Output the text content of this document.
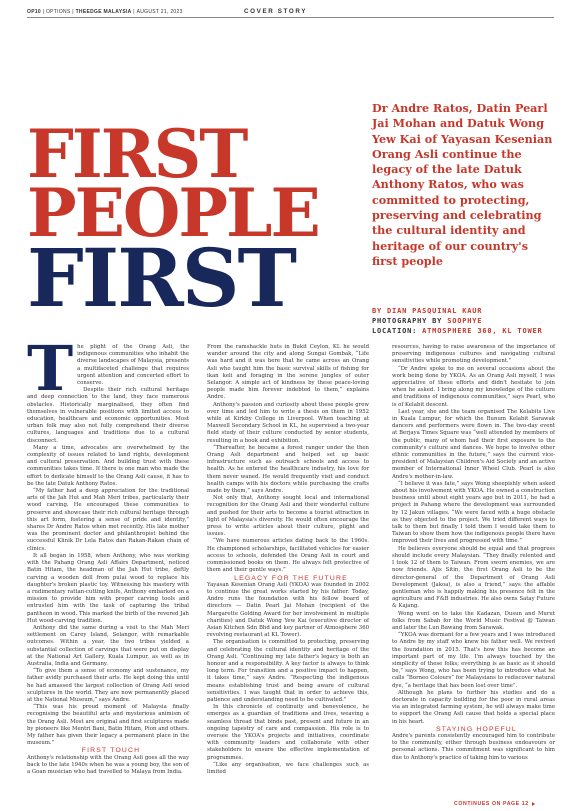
OP10 | OPTIONS | THEEDGE MALAYSIA | AUGUST 21, 2023	COVER STORY
FIRST
PEOPLE
FIRST
Dr Andre Ratos, Datin Pearl Jai Mohan and Datuk Wong Yew Kai of Yayasan Kesenian Orang Asli continue the legacy of the late Datuk Anthony Ratos, who was committed to protecting, preserving and celebrating the cultural identity and heritage of our country's first people
BY DIAN PASQUINAL KAUR
PHOTOGRAPHY BY SOOPHYE
LOCATION: ATMOSPHERE 360, KL TOWER
T he plight of the Orang Asli, the indigenous communities who inhabit the diverse landscapes of Malaysia, presents a multifaceted challenge that requires urgent attention and concerted effort to conserve.

Despite their rich cultural heritage and deep connection to the land, they face numerous obstacles. Historically marginalised, they often find themselves in vulnerable positions with limited access to education, healthcare and economic opportunities. Most urban folk may also not fully comprehend their diverse cultures, languages and traditions due to a cultural disconnect.

Many a time, advocates are overwhelmed by the complexity of issues related to land rights, development and cultural preservation. And building trust with these communities takes time. If there is one man who made the effort to dedicate himself to the Orang Asli cause, it has to be the late Datuk Anthony Ratos.

“My father had a deep appreciation for the traditional arts of the Jah Hut and Mah Meri tribes, particularly their wood carving. He encouraged these communities to preserve and showcase their rich cultural heritage through this art form, fostering a sense of pride and identity,” shares Dr Andre Ratos when met recently. His late mother was the prominent doctor and philanthropist behind the successful Klinik Dr Lela Ratos dan Rakan-Rakan chain of clinics.

It all began in 1958, when Anthony, who was working with the Pahang Orang Asli Affairs Department, noticed Batin Hitam, the headman of the Jah Hut tribe, deftly carving a wooden doll from pulai wood to replace his daughter's broken plastic toy. Witnessing his mastery with a rudimentary rattan-cutting knife, Anthony embarked on a mission to provide him with proper carving tools and entrusted him with the task of capturing the tribal pantheon in wood. This marked the birth of the revered Jah Hut wood-carving tradition.

Anthony did the same during a visit to the Mah Meri settlement on Carey Island, Selangor, with remarkable outcomes. Within a year, the two tribes yielded a substantial collection of carvings that were put on display at the National Art Gallery, Kuala Lumpur, as well as in Australia, India and Germany.

“To give them a sense of economy and sustenance, my father avidly purchased their arts. He kept doing this until he had amassed the largest collection of Orang Asli wood sculptures in the world. They are now permanently placed at the National Museum,” says Andre.

“This was his proud moment of Malaysia finally recognising the beautiful arts and mysterious animism of the Orang Asli. Most are original and first sculptures made by pioneers like Mentri Bani, Batin Hitam, Pion and others. My father has given their legacy a permanent place in the museum.”

FIRST TOUCH

Anthony's relationship with the Orang Asli goes all the way back to the late 1940s when he was a young boy, the son of a Goan musician who had travelled to Malaya from India.

From the ramshackle huts in Bukit Ceylon, KL he would wander around the city and along Sungai Gombak, “Life was hard and it was here that he came across an Orang Asli who taught him the basic survival skills of fishing for ikan keli and foraging in the serene jungles of outer Selangor. A simple act of kindness by these peace-loving people made him forever indebted to them,” explains Andre.

Anthony's passion and curiosity about these people grew over time and led him to write a thesis on them in 1952 while at Kirkby College in Liverpool. When teaching at Maxwell Secondary School in KL, he supervised a two-year field study of their culture conducted by senior students, resulting in a book and exhibition.

“Thereafter, he became a forest ranger under the then Orang Asli department and helped set up basic infrastructure such as outreach schools and access to health. As he entered the healthcare industry, his love for them never waned. He would frequently visit and conduct health camps with his doctors while purchasing the crafts made by them,” says Andre.

Not only that, Anthony sought local and international recognition for the Orang Asli and their wonderful culture and pushed for their arts to become a tourist attraction in light of Malaysia's diversity. He would often encourage the press to write articles about their culture, plight and issues.

“We have numerous articles dating back to the 1960s. He championed scholarships, facilitated vehicles for easier access to schools, defended the Orang Asli in court and commissioned books on them. He always felt protective of them and their gentle ways.”

LEGACY FOR THE FUTURE

Yayasan Kesenian Orang Asli (YKOA) was founded in 2002 to continue the great works started by his father. Today, Andre runs the foundation with his fellow board of directors — Datin Pearl Jai Mohan (recipient of the Margarette Golding Award for her involvement in multiple charities) and Datuk Wong Yew Kai (executive director of Asian Kitchen Sdn Bhd and key partner of Atmosphere 360 revolving restaurant at KL Tower).

The organisation is committed to protecting, preserving and celebrating the cultural identity and heritage of the Orang Asli. “Continuing my late father's legacy is both an honour and a responsibility. A key factor is always to think long term. For transition and a positive impact to happen, it takes time,” says Andre. “Respecting the indigenous means establishing trust and being aware of cultural sensitivities. I was taught that in order to achieve this, patience and understanding need to be cultivated.”

In this chronicle of continuity and benevolence, he emerges as a guardian of traditions and lives, weaving a seamless thread that binds past, present and future in an ongoing tapestry of care and compassion. His role is to oversee the YKOA's projects and initiatives, coordinate with community leaders and collaborate with other stakeholders to ensure the effective implementation of programmes.

“Like any organisation, we face challenges such as limited

resources, having to raise awareness of the importance of preserving indigenous cultures and navigating cultural sensitivities while promoting development.”

“Dr Andre spoke to me on several occasions about the work being done by YKOA. As an Orang Asli myself, I was appreciative of these efforts and didn't hesitate to join when he asked. I bring along my knowledge of the culture and traditions of indigenous communities,” says Pearl, who is of Kelabit descent.

Last year, she and the team organised The Kelabits Live in Kuala Lumpur, for which the Bunum Kelabit Sarawak dancers and performers were flown in. The two-day event at Berjaya Times Square was “well attended by members of the public, many of whom had their first exposure to the community's culture and dances. We hope to involve other ethnic communities in the future,” says the current vice-president of Malaysian Children's Aid Society and an active member of International Inner Wheel Club. Pearl is also Andre's mother-in-law.

“I believe it was fate,” says Wong sheepishly when asked about his involvement with YKOA. He owned a construction business until about eight years ago but in 2011, he had a project in Pahang where the development was surrounded by 12 Jakun villages. “We were faced with a huge obstacle as they objected to the project. We tried different ways to talk to them but finally I told them I would take them to Taiwan to show them how the indigenous people there have improved their lives and progressed with time.”

He believes everyone should be equal and that progress should include every Malaysian. “They finally relented and I took 12 of them to Taiwan. From sworn enemies, we are now friends. Ajis Sitin, the first Orang Asli to be the director-general of the Department of Orang Asli Development (Jakoa), is also a friend,” says the affable gentleman who is happily making his presence felt in the agriculture and F&B industries. He also owns Satay Future & Kajang.

Wong went on to take the Kadazan, Dusun and Murut folks from Sabah for the World Music Festival @ Taiwan and later the Lun Bawang from Sarawak.

“YKOA was dormant for a few years and I was introduced to Andre by my staff who knew his father well. We revived the foundation in 2015. That's how this has become an important part of my life. I'm always touched by the simplicity of these folks; everything is as basic as it should be,” says Wong, who has been trying to introduce what he calls “Borneo Colours” for Malaysians to rediscover natural dye, “a heritage that has been lost over time”.

Although he plans to further his studies and do a doctorate in capacity building for the poor in rural areas via an integrated farming system, he will always make time to support the Orang Asli cause that holds a special place in his heart.

STAYING HOPEFUL

Andre's parents consistently encouraged him to contribute to the community, either through business endeavours or personal actions. This commitment was significant to him due to Anthony's practice of taking him to various

CONTINUES ON PAGE 12
